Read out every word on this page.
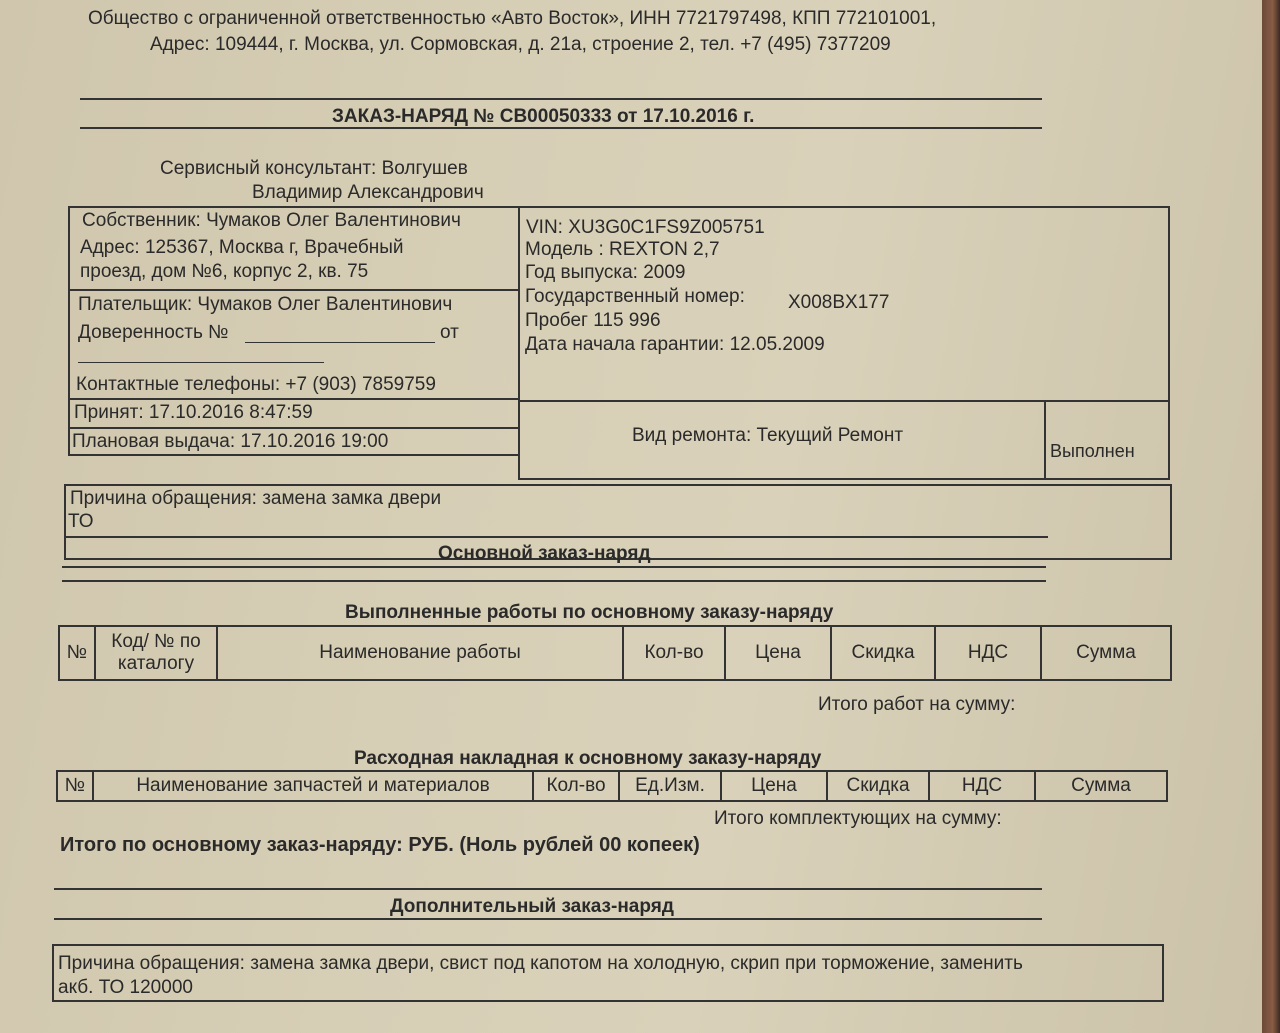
Общество с ограниченной ответственностью «Авто Восток», ИНН 7721797498, КПП 772101001,
Адрес: 109444, г. Москва, ул. Сормовская, д. 21а, строение 2, тел. +7 (495) 7377209
ЗАКАЗ-НАРЯД № СВ00050333 от 17.10.2016 г.
Сервисный консультант: Волгушев
Владимир Александрович
Собственник: Чумаков Олег Валентинович
Адрес: 125367, Москва г, Врачебный
проезд, дом №6, корпус 2, кв. 75
Плательщик: Чумаков Олег Валентинович
Доверенность №	от
Контактные телефоны: +7 (903) 7859759
Принят: 17.10.2016 8:47:59
Плановая выдача: 17.10.2016 19:00
VIN: XU3G0C1FS9Z005751
Модель : REXTON 2,7
Год выпуска: 2009
Государственный номер: X008BX177
Пробег 115 996
Дата начала гарантии: 12.05.2009
Вид ремонта: Текущий Ремонт
Выполнен
Причина обращения: замена замка двери
ТО
Основной заказ-наряд
Выполненные работы по основному заказу-наряду
№	Код/ № по каталогу	Наименование работы	Кол-во	Цена	Скидка	НДС	Сумма
Итого работ на сумму:
Расходная накладная к основному заказу-наряду
№	Наименование запчастей и материалов	Кол-во	Ед.Изм.	Цена	Скидка	НДС	Сумма
Итого комплектующих на сумму:
Итого по основному заказ-наряду: РУБ. (Ноль рублей 00 копеек)
Дополнительный заказ-наряд
Причина обращения: замена замка двери, свист под капотом на холодную, скрип при торможение, заменить
акб. ТО 120000
